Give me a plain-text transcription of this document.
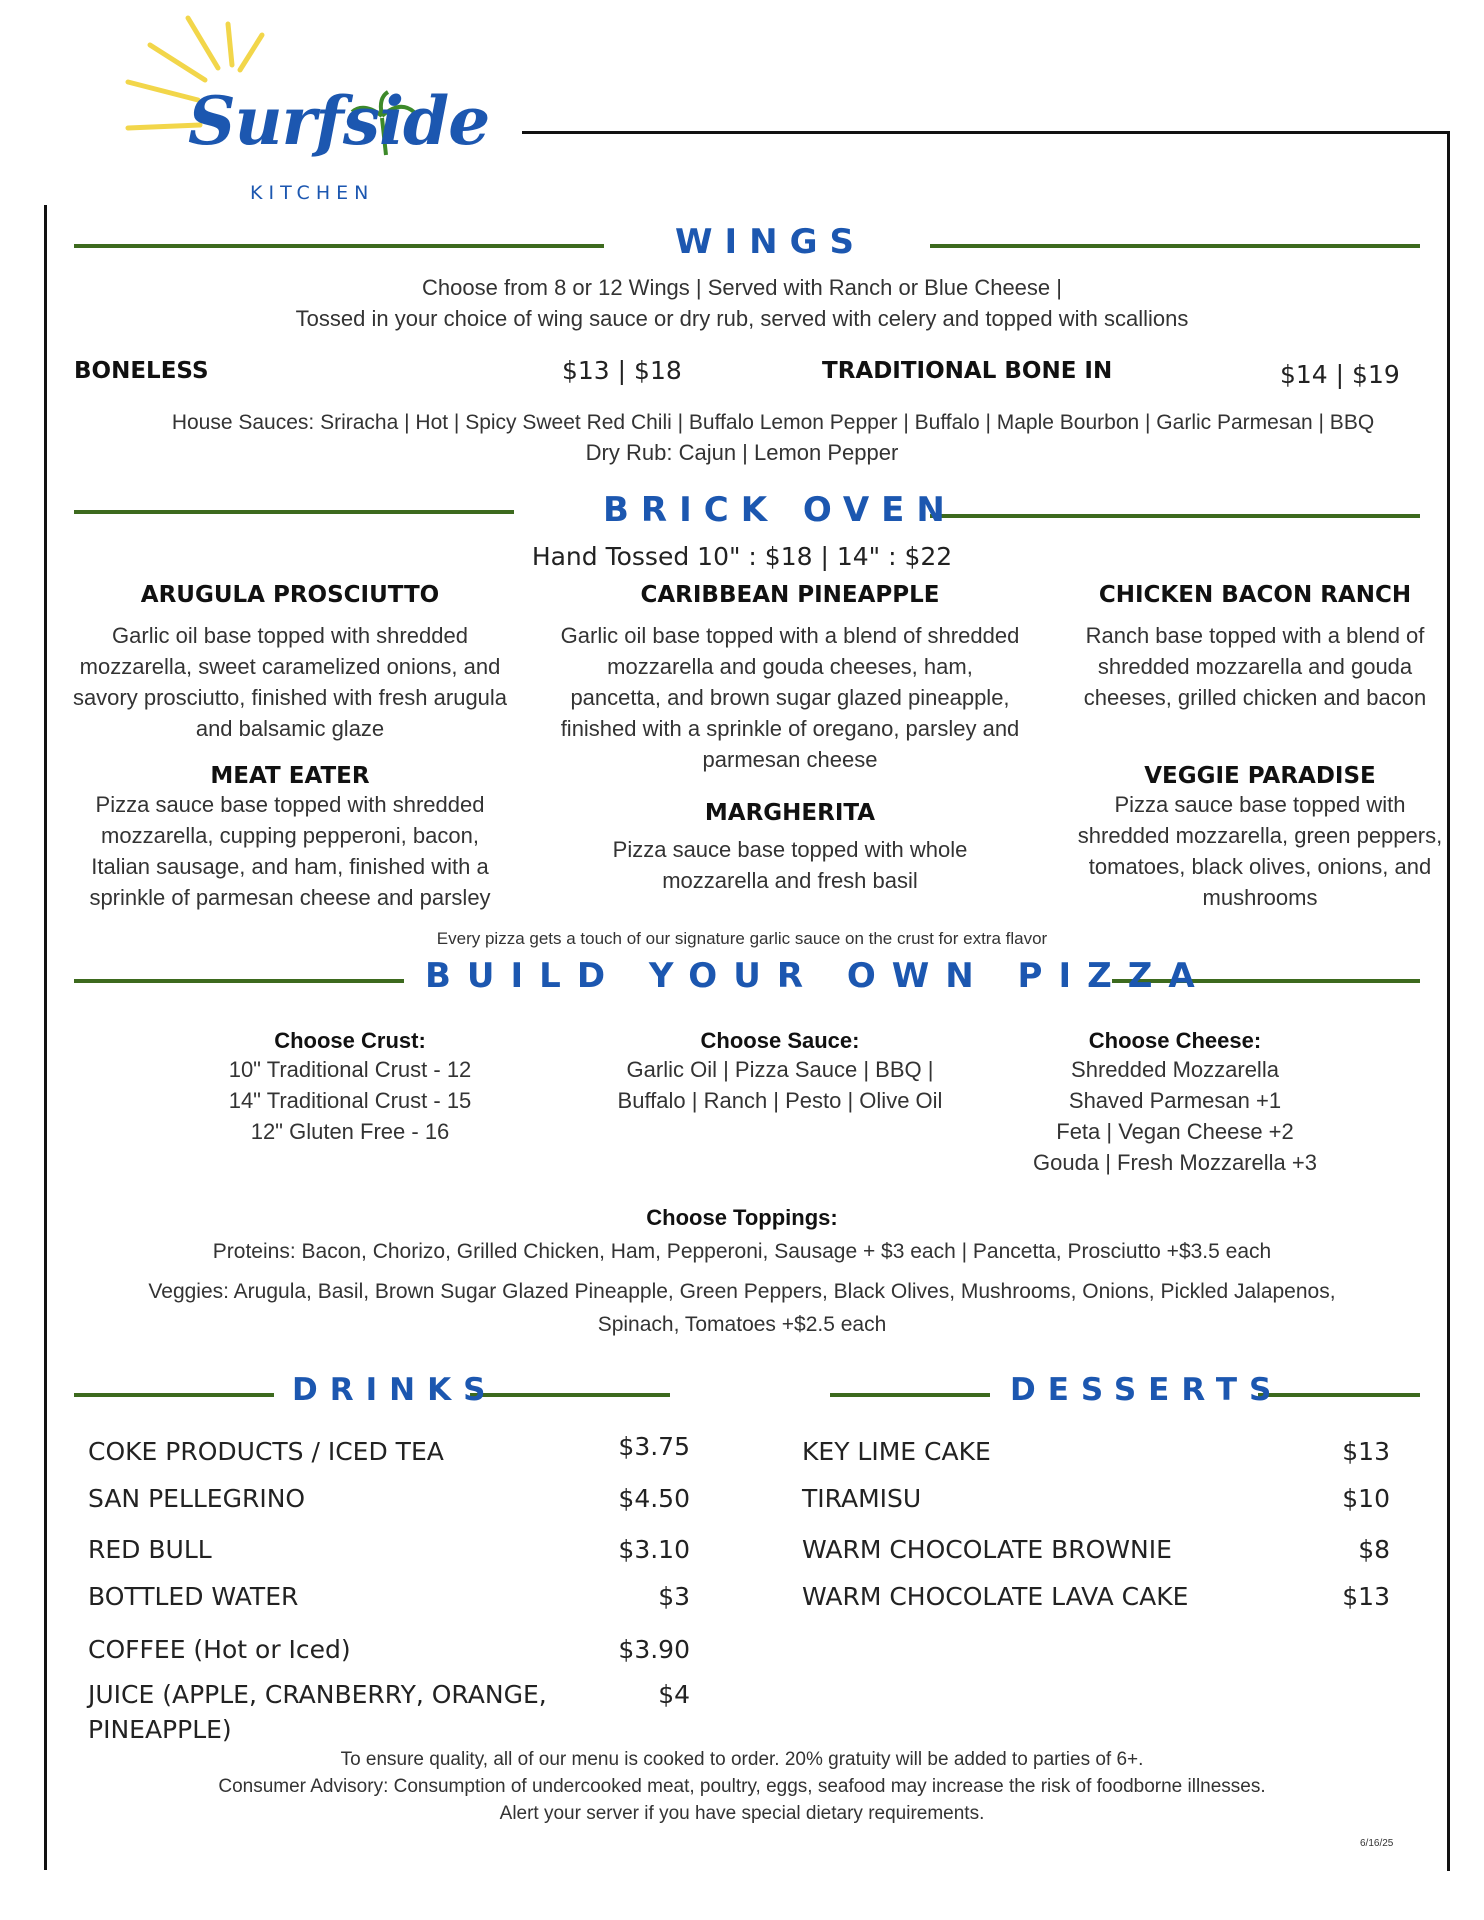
Surfside
KITCHEN
WINGS
Choose from 8 or 12 Wings | Served with Ranch or Blue Cheese |
Tossed in your choice of wing sauce or dry rub, served with celery and topped with scallions
BONELESS	$13 | $18	TRADITIONAL BONE IN	$14 | $19
House Sauces: Sriracha | Hot | Spicy Sweet Red Chili | Buffalo Lemon Pepper | Buffalo | Maple Bourbon | Garlic Parmesan | BBQ
Dry Rub: Cajun | Lemon Pepper
BRICK OVEN
Hand Tossed 10" : $18 | 14" : $22
ARUGULA PROSCIUTTO
Garlic oil base topped with shredded mozzarella, sweet caramelized onions, and savory prosciutto, finished with fresh arugula and balsamic glaze
CARIBBEAN PINEAPPLE
Garlic oil base topped with a blend of shredded mozzarella and gouda cheeses, ham, pancetta, and brown sugar glazed pineapple, finished with a sprinkle of oregano, parsley and parmesan cheese
CHICKEN BACON RANCH
Ranch base topped with a blend of shredded mozzarella and gouda cheeses, grilled chicken and bacon
MEAT EATER
Pizza sauce base topped with shredded mozzarella, cupping pepperoni, bacon, Italian sausage, and ham, finished with a sprinkle of parmesan cheese and parsley
MARGHERITA
Pizza sauce base topped with whole mozzarella and fresh basil
VEGGIE PARADISE
Pizza sauce base topped with shredded mozzarella, green peppers, tomatoes, black olives, onions, and mushrooms
Every pizza gets a touch of our signature garlic sauce on the crust for extra flavor
BUILD YOUR OWN PIZZA
Choose Crust:
10" Traditional Crust - 12
14" Traditional Crust - 15
12" Gluten Free - 16
Choose Sauce:
Garlic Oil | Pizza Sauce | BBQ |
Buffalo | Ranch | Pesto | Olive Oil
Choose Cheese:
Shredded Mozzarella
Shaved Parmesan +1
Feta | Vegan Cheese +2
Gouda | Fresh Mozzarella +3
Choose Toppings:
Proteins: Bacon, Chorizo, Grilled Chicken, Ham, Pepperoni, Sausage + $3 each | Pancetta, Prosciutto +$3.5 each
Veggies: Arugula, Basil, Brown Sugar Glazed Pineapple, Green Peppers, Black Olives, Mushrooms, Onions, Pickled Jalapenos,
Spinach, Tomatoes +$2.5 each
DRINKS
COKE PRODUCTS / ICED TEA	$3.75
SAN PELLEGRINO	$4.50
RED BULL	$3.10
BOTTLED WATER	$3
COFFEE (Hot or Iced)	$3.90
JUICE (APPLE, CRANBERRY, ORANGE,
PINEAPPLE)
$4
DESSERTS
KEY LIME CAKE	$13
TIRAMISU	$10
WARM CHOCOLATE BROWNIE	$8
WARM CHOCOLATE LAVA CAKE	$13
To ensure quality, all of our menu is cooked to order. 20% gratuity will be added to parties of 6+.
Consumer Advisory: Consumption of undercooked meat, poultry, eggs, seafood may increase the risk of foodborne illnesses.
Alert your server if you have special dietary requirements.
6/16/25
